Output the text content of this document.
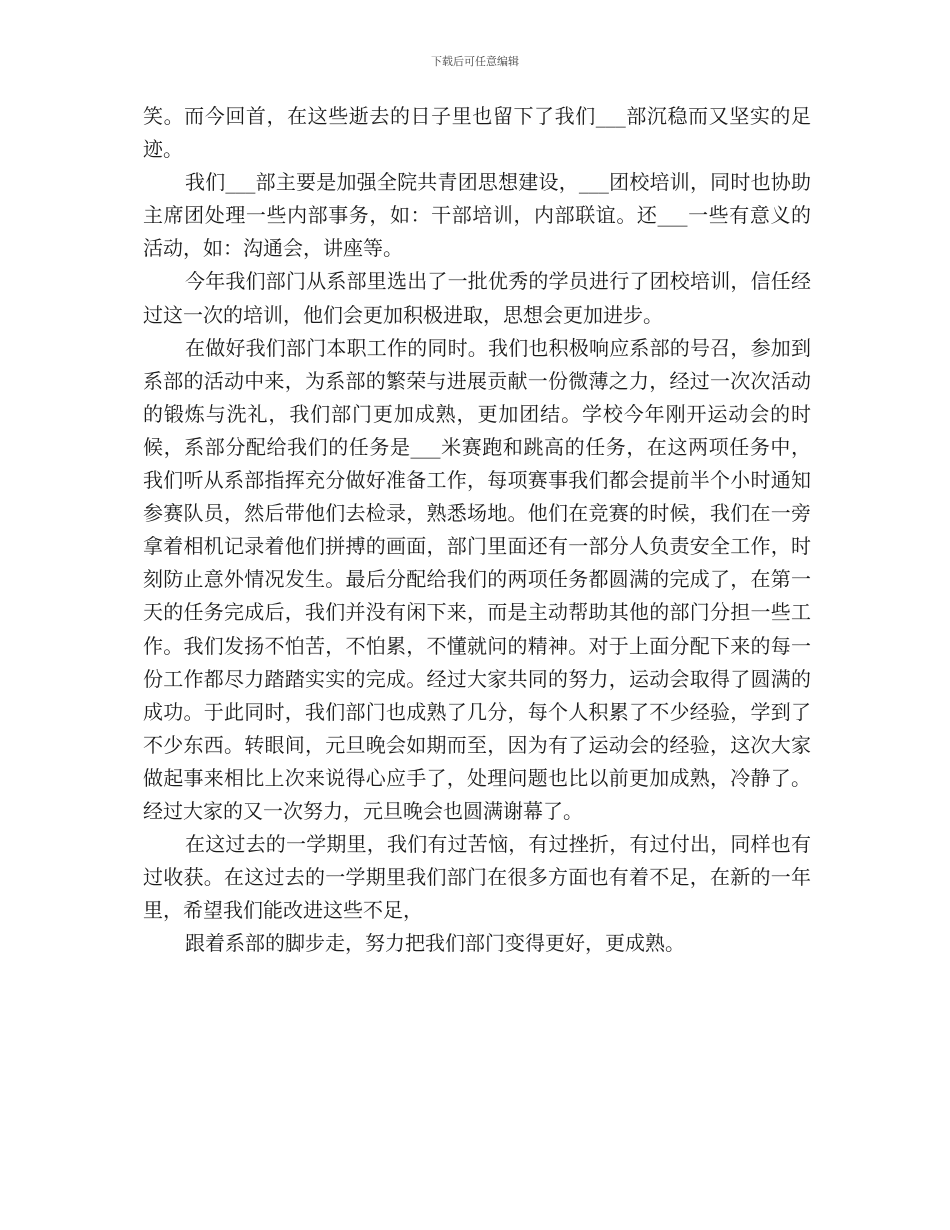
下载后可任意编辑

笑。而今回首，在这些逝去的日子里也留下了我们___部沉稳而又坚实的足迹。

我们___部主要是加强全院共青团思想建设，___团校培训，同时也协助主席团处理一些内部事务，如：干部培训，内部联谊。还___一些有意义的活动，如：沟通会，讲座等。

今年我们部门从系部里选出了一批优秀的学员进行了团校培训，信任经过这一次的培训，他们会更加积极进取，思想会更加进步。

在做好我们部门本职工作的同时。我们也积极响应系部的号召，参加到系部的活动中来，为系部的繁荣与进展贡献一份微薄之力，经过一次次活动的锻炼与洗礼，我们部门更加成熟，更加团结。学校今年刚开运动会的时候，系部分配给我们的任务是___米赛跑和跳高的任务，在这两项任务中，我们听从系部指挥充分做好准备工作，每项赛事我们都会提前半个小时通知参赛队员，然后带他们去检录，熟悉场地。他们在竞赛的时候，我们在一旁拿着相机记录着他们拼搏的画面，部门里面还有一部分人负责安全工作，时刻防止意外情况发生。最后分配给我们的两项任务都圆满的完成了，在第一天的任务完成后，我们并没有闲下来，而是主动帮助其他的部门分担一些工作。我们发扬不怕苦，不怕累，不懂就问的精神。对于上面分配下来的每一份工作都尽力踏踏实实的完成。经过大家共同的努力，运动会取得了圆满的成功。于此同时，我们部门也成熟了几分，每个人积累了不少经验，学到了不少东西。转眼间，元旦晚会如期而至，因为有了运动会的经验，这次大家做起事来相比上次来说得心应手了，处理问题也比以前更加成熟，冷静了。经过大家的又一次努力，元旦晚会也圆满谢幕了。

在这过去的一学期里，我们有过苦恼，有过挫折，有过付出，同样也有过收获。在这过去的一学期里我们部门在很多方面也有着不足，在新的一年里，希望我们能改进这些不足，

跟着系部的脚步走，努力把我们部门变得更好，更成熟。
